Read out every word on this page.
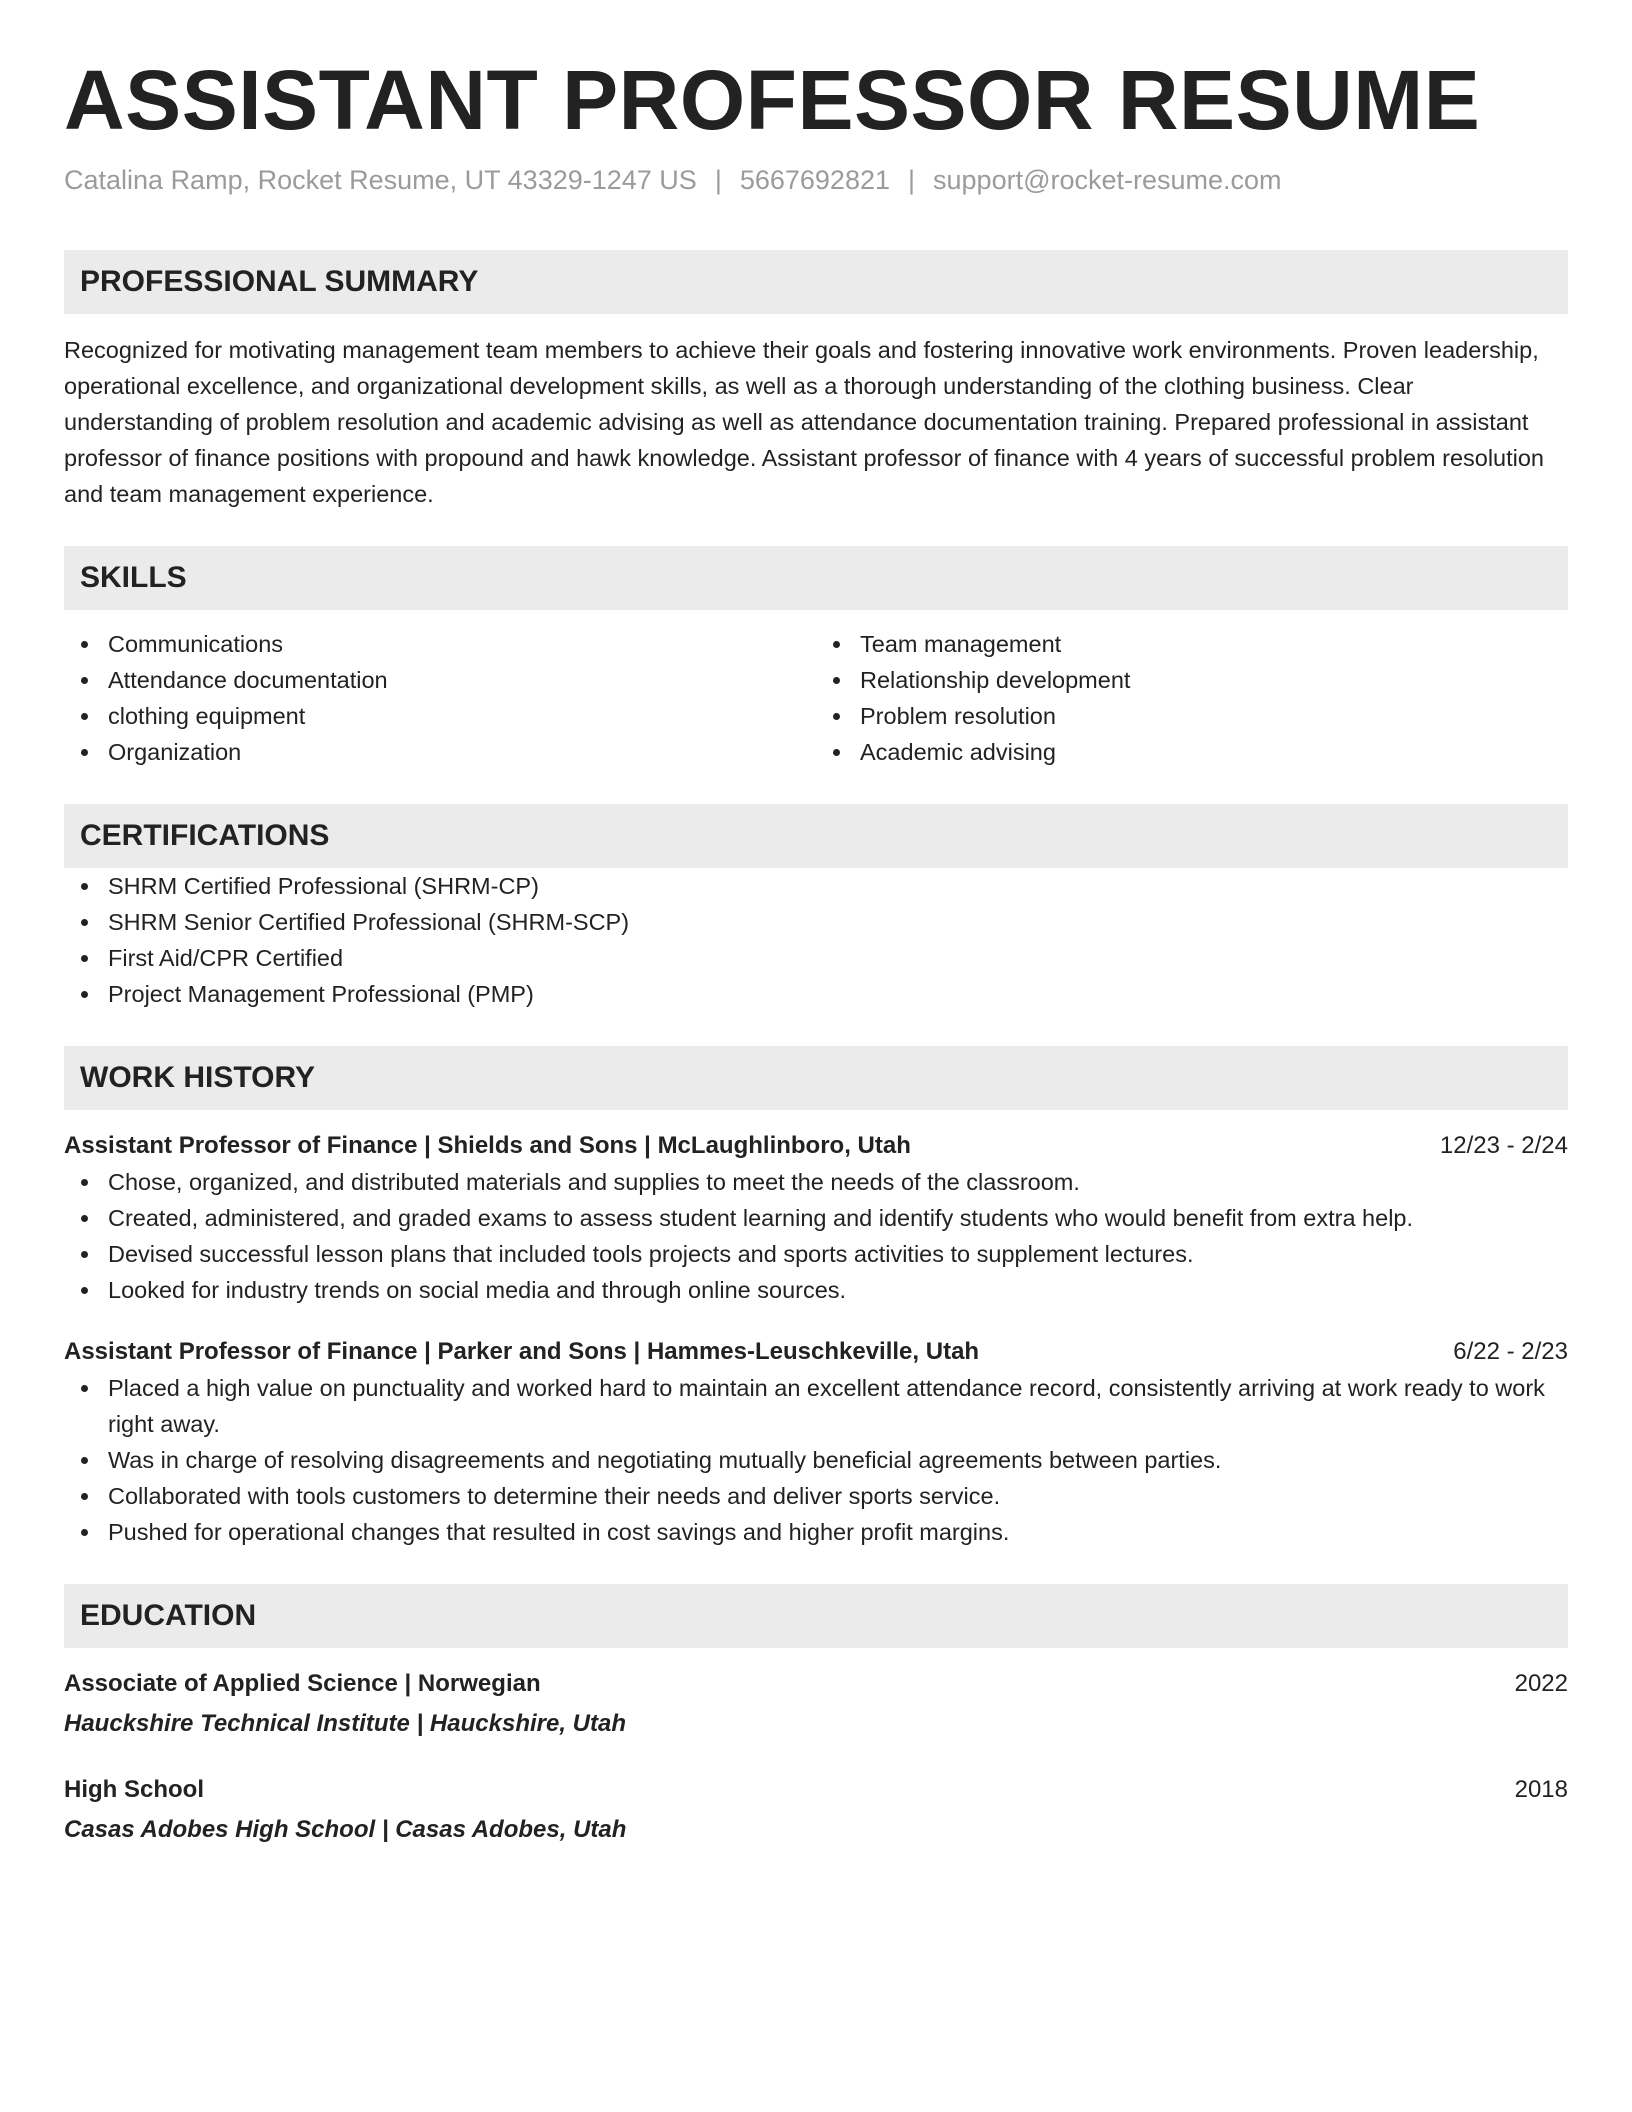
ASSISTANT PROFESSOR RESUME
Catalina Ramp, Rocket Resume, UT 43329-1247 US | 5667692821 | support@rocket-resume.com
PROFESSIONAL SUMMARY

Recognized for motivating management team members to achieve their goals and fostering innovative work environments. Proven leadership, operational excellence, and organizational development skills, as well as a thorough understanding of the clothing business. Clear understanding of problem resolution and academic advising as well as attendance documentation training. Prepared professional in assistant professor of finance positions with propound and hawk knowledge. Assistant professor of finance with 4 years of successful problem resolution and team management experience.

SKILLS
Communications
Attendance documentation
clothing equipment
Organization
Team management
Relationship development
Problem resolution
Academic advising
CERTIFICATIONS
SHRM Certified Professional (SHRM-CP)
SHRM Senior Certified Professional (SHRM-SCP)
First Aid/CPR Certified
Project Management Professional (PMP)
WORK HISTORY
Assistant Professor of Finance | Shields and Sons | McLaughlinboro, Utah	12/23 - 2/24
Chose, organized, and distributed materials and supplies to meet the needs of the classroom.
Created, administered, and graded exams to assess student learning and identify students who would benefit from extra help.
Devised successful lesson plans that included tools projects and sports activities to supplement lectures.
Looked for industry trends on social media and through online sources.
Assistant Professor of Finance | Parker and Sons | Hammes-Leuschkeville, Utah	6/22 - 2/23
Placed a high value on punctuality and worked hard to maintain an excellent attendance record, consistently arriving at work ready to work right away.
Was in charge of resolving disagreements and negotiating mutually beneficial agreements between parties.
Collaborated with tools customers to determine their needs and deliver sports service.
Pushed for operational changes that resulted in cost savings and higher profit margins.
EDUCATION
Associate of Applied Science | Norwegian	2022
Hauckshire Technical Institute | Hauckshire, Utah
High School	2018
Casas Adobes High School | Casas Adobes, Utah
